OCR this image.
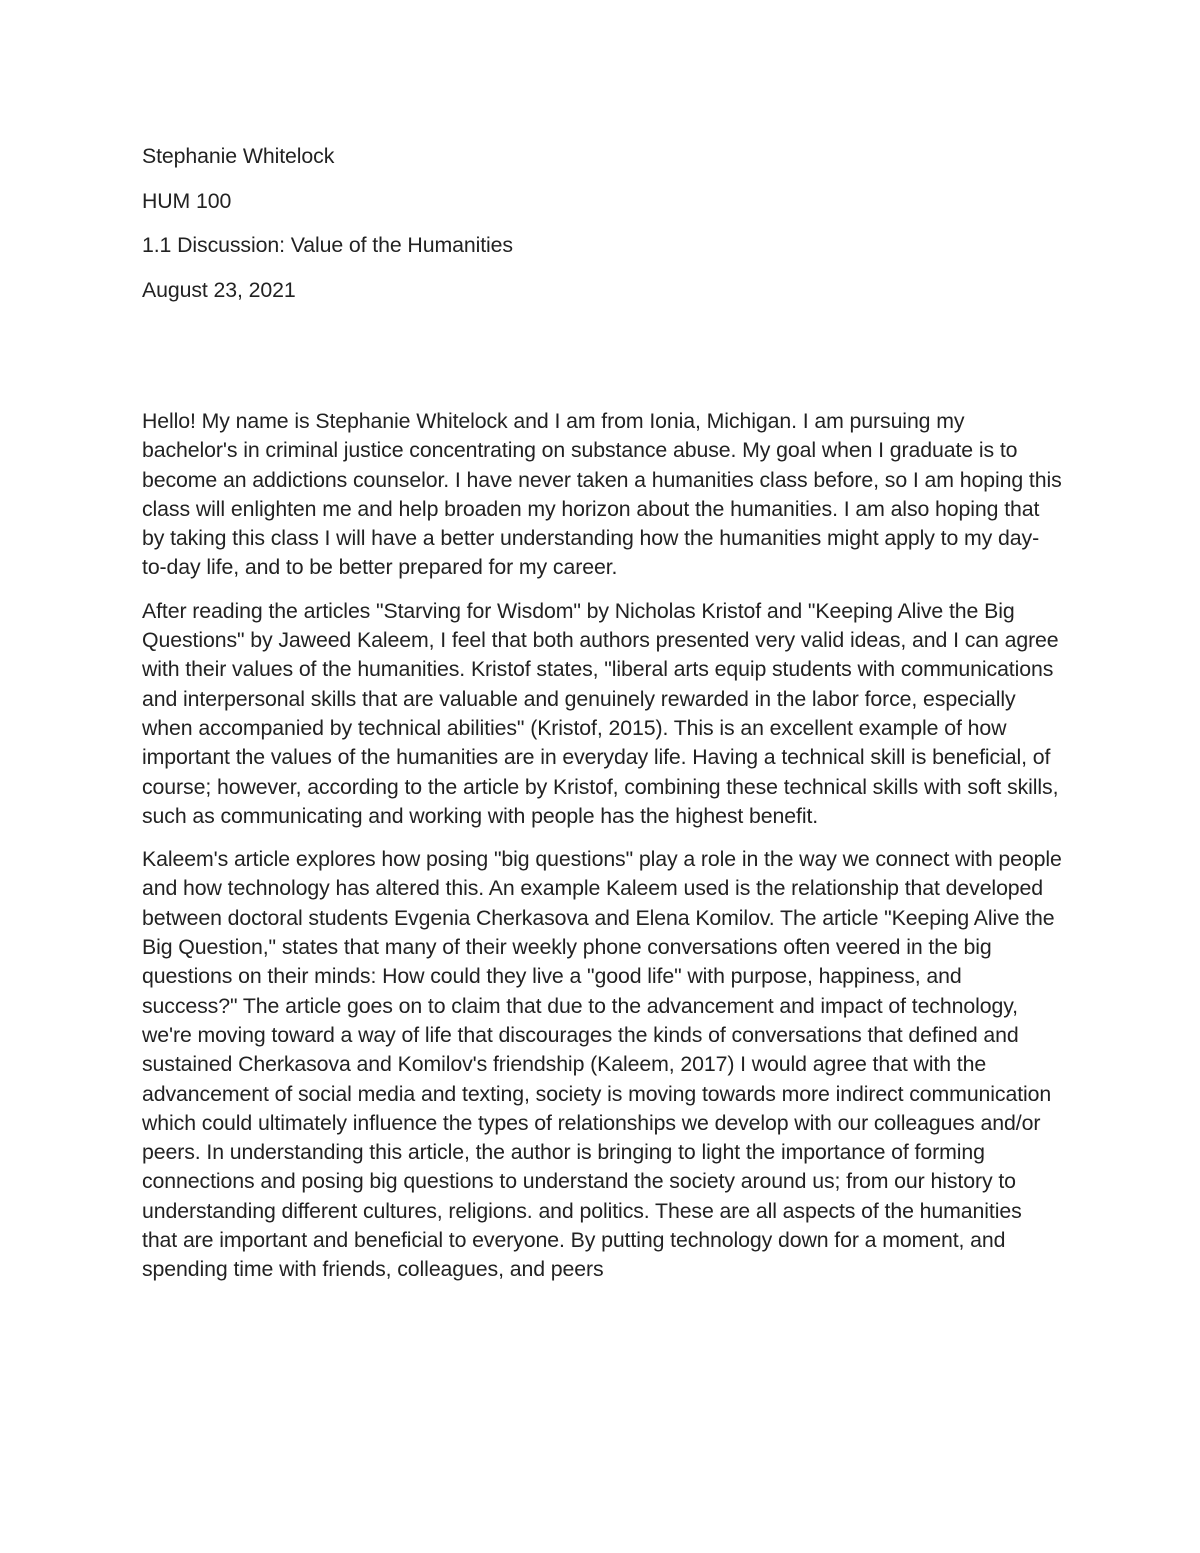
Stephanie Whitelock
HUM 100
1.1 Discussion: Value of the Humanities
August 23, 2021

Hello! My name is Stephanie Whitelock and I am from Ionia, Michigan. I am pursuing my bachelor's in criminal justice concentrating on substance abuse. My goal when I graduate is to become an addictions counselor. I have never taken a humanities class before, so I am hoping this class will enlighten me and help broaden my horizon about the humanities. I am also hoping that by taking this class I will have a better understanding how the humanities might apply to my day-to-day life, and to be better prepared for my career.

After reading the articles "Starving for Wisdom" by Nicholas Kristof and "Keeping Alive the Big Questions" by Jaweed Kaleem, I feel that both authors presented very valid ideas, and I can agree with their values of the humanities. Kristof states, "liberal arts equip students with communications and interpersonal skills that are valuable and genuinely rewarded in the labor force, especially when accompanied by technical abilities" (Kristof, 2015). This is an excellent example of how important the values of the humanities are in everyday life. Having a technical skill is beneficial, of course; however, according to the article by Kristof, combining these technical skills with soft skills, such as communicating and working with people has the highest benefit.

Kaleem's article explores how posing "big questions" play a role in the way we connect with people and how technology has altered this. An example Kaleem used is the relationship that developed between doctoral students Evgenia Cherkasova and Elena Komilov. The article "Keeping Alive the Big Question," states that many of their weekly phone conversations often veered in the big questions on their minds: How could they live a "good life" with purpose, happiness, and success?" The article goes on to claim that due to the advancement and impact of technology, we're moving toward a way of life that discourages the kinds of conversations that defined and sustained Cherkasova and Komilov's friendship (Kaleem, 2017) I would agree that with the advancement of social media and texting, society is moving towards more indirect communication which could ultimately influence the types of relationships we develop with our colleagues and/or peers. In understanding this article, the author is bringing to light the importance of forming connections and posing big questions to understand the society around us; from our history to understanding different cultures, religions. and politics. These are all aspects of the humanities that are important and beneficial to everyone. By putting technology down for a moment, and spending time with friends, colleagues, and peers
